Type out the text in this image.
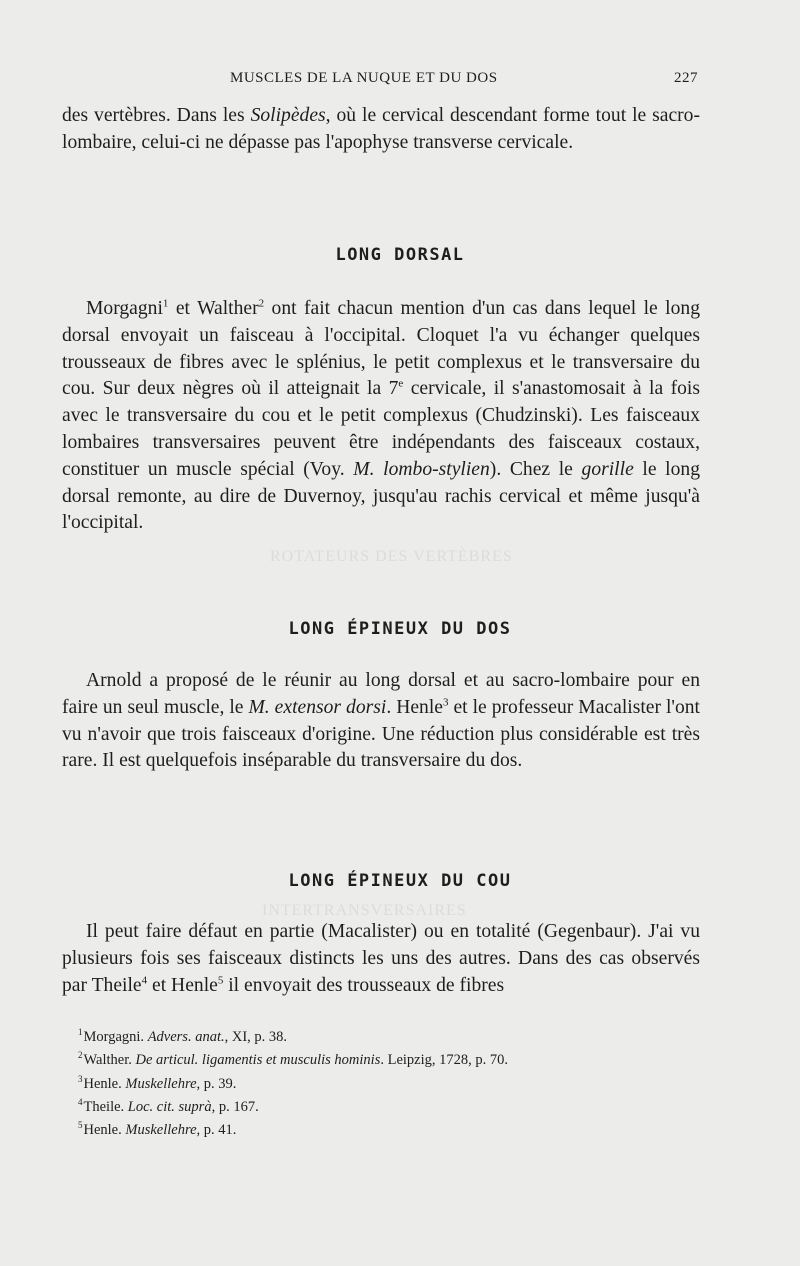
ROTATEURS DES VERTÈBRES
INTERTRANSVERSAIRES
MUSCLES DE LA NUQUE ET DU DOS	227

des vertèbres. Dans les Solipèdes, où le cervical descendant forme tout le sacro-lombaire, celui-ci ne dépasse pas l'apophyse transverse cervicale.

LONG DORSAL

Morgagni$^1$ et Walther$^2$ ont fait chacun mention d'un cas dans lequel le long dorsal envoyait un faisceau à l'occipital. Cloquet l'a vu échanger quelques trousseaux de fibres avec le splénius, le petit complexus et le transversaire du cou. Sur deux nègres où il atteignait la 7e cervicale, il s'anastomosait à la fois avec le transversaire du cou et le petit complexus (Chudzinski). Les faisceaux lombaires transversaires peuvent être indépendants des faisceaux costaux, constituer un muscle spécial (Voy. M. lombo-stylien). Chez le gorille le long dorsal remonte, au dire de Duvernoy, jusqu'au rachis cervical et même jusqu'à l'occipital.

LONG ÉPINEUX DU DOS

Arnold a proposé de le réunir au long dorsal et au sacro-lombaire pour en faire un seul muscle, le M. extensor dorsi. Henle$^3$ et le professeur Macalister l'ont vu n'avoir que trois faisceaux d'origine. Une réduction plus considérable est très rare. Il est quelquefois inséparable du transversaire du dos.

LONG ÉPINEUX DU COU

Il peut faire défaut en partie (Macalister) ou en totalité (Gegenbaur). J'ai vu plusieurs fois ses faisceaux distincts les uns des autres. Dans des cas observés par Theile$^4$ et Henle$^5$ il envoyait des trousseaux de fibres

$^1$Morgagni. Advers. anat., XI, p. 38.
$^2$Walther. De articul. ligamentis et musculis hominis. Leipzig, 1728, p. 70.
$^3$Henle. Muskellehre, p. 39.
$^4$Theile. Loc. cit. suprà, p. 167.
$^5$Henle. Muskellehre, p. 41.
